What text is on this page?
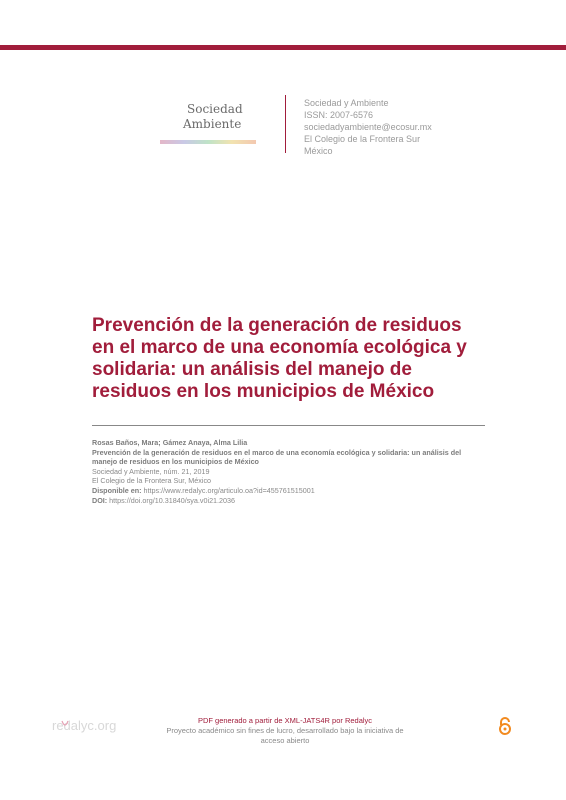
Sociedad
Ambiente
Sociedad y Ambiente
ISSN: 2007-6576
sociedadyambiente@ecosur.mx
El Colegio de la Frontera Sur
México
Prevención de la generación de residuos en el marco de una economía ecológica y solidaria: un análisis del manejo de residuos en los municipios de México
Rosas Baños, Mara; Gámez Anaya, Alma Lilia
Prevención de la generación de residuos en el marco de una economía ecológica y solidaria: un análisis del manejo de residuos en los municipios de México
Sociedad y Ambiente, núm. 21, 2019
El Colegio de la Frontera Sur, México
Disponible en: https://www.redalyc.org/articulo.oa?id=455761515001
DOI: https://doi.org/10.31840/sya.v0i21.2036
redalyc.org	PDF generado a partir de XML-JATS4R por Redalyc
Proyecto académico sin fines de lucro, desarrollado bajo la iniciativa de acceso abierto
